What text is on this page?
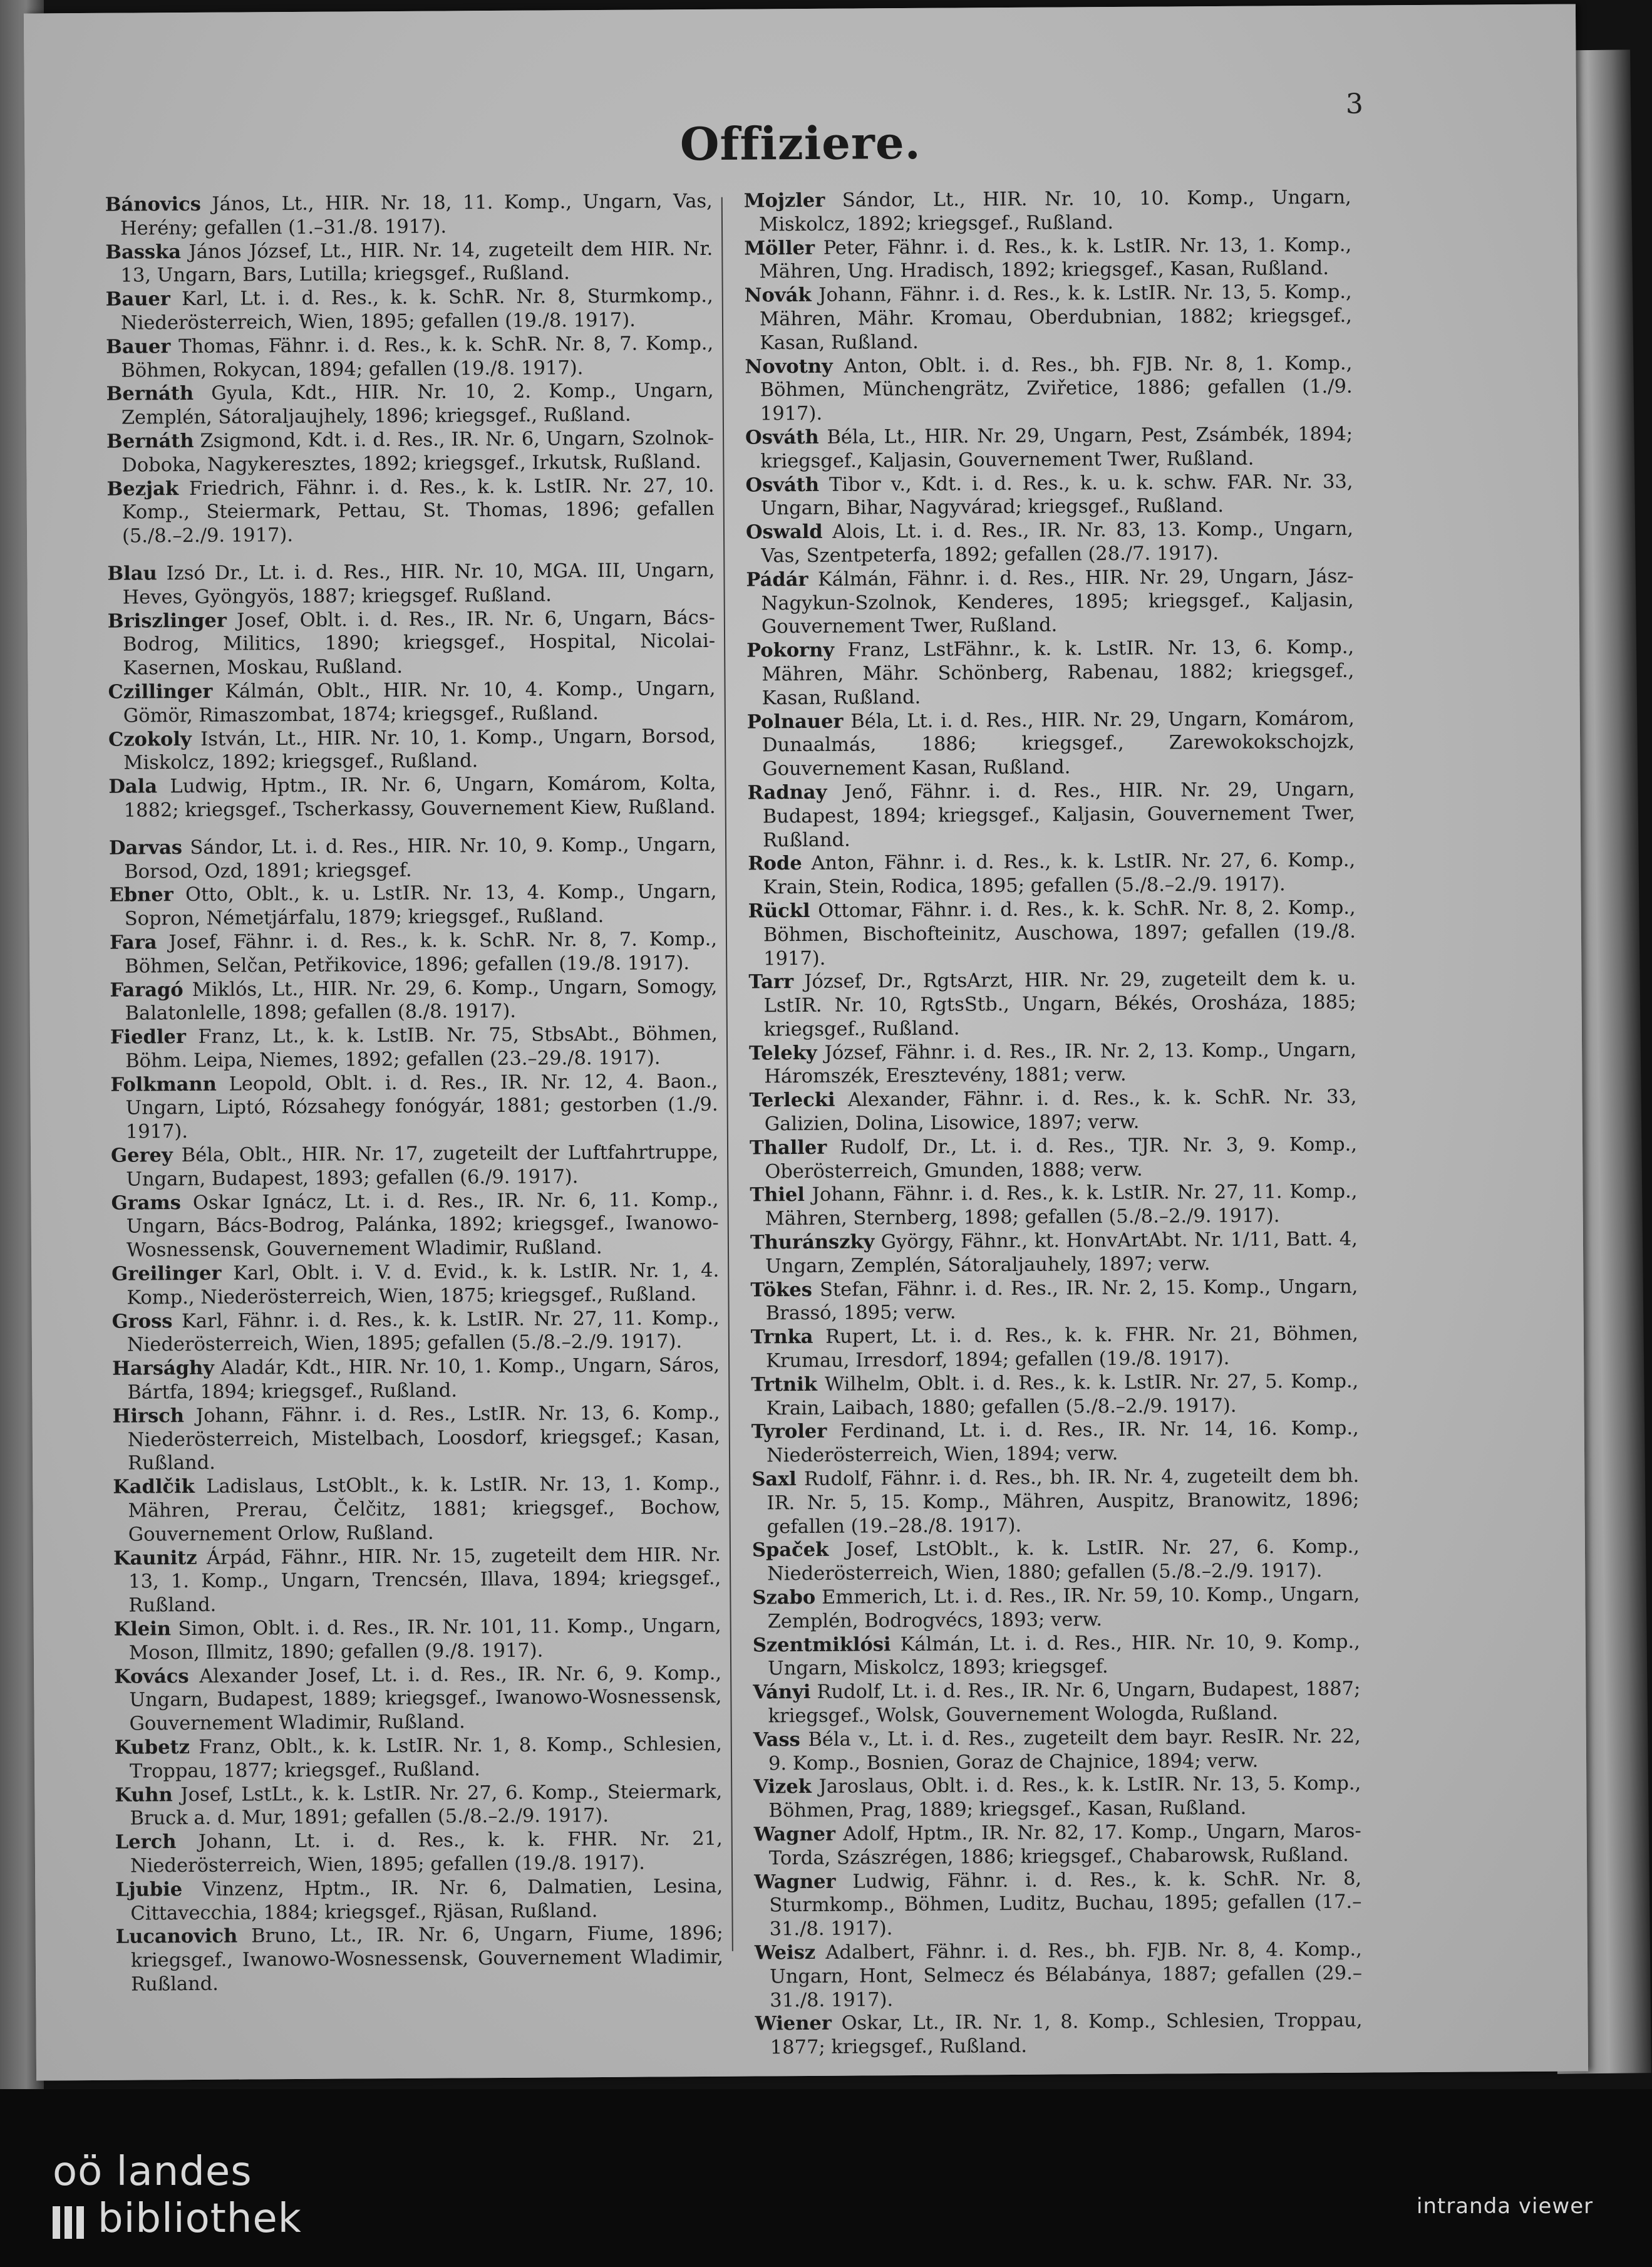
3
Offiziere.

Bánovics János, Lt., HIR. Nr. 18, 11. Komp., Ungarn, Vas, Herény; gefallen (1.–31./8. 1917).

Basska János József, Lt., HIR. Nr. 14, zugeteilt dem HIR. Nr. 13, Ungarn, Bars, Lutilla; kriegsgef., Rußland.

Bauer Karl, Lt. i. d. Res., k. k. SchR. Nr. 8, Sturmkomp., Niederösterreich, Wien, 1895; gefallen (19./8. 1917).

Bauer Thomas, Fähnr. i. d. Res., k. k. SchR. Nr. 8, 7. Komp., Böhmen, Rokycan, 1894; gefallen (19./8. 1917).

Bernáth Gyula, Kdt., HIR. Nr. 10, 2. Komp., Ungarn, Zemplén, Sátoraljaujhely, 1896; kriegsgef., Rußland.

Bernáth Zsigmond, Kdt. i. d. Res., IR. Nr. 6, Ungarn, Szolnok-Doboka, Nagykeresztes, 1892; kriegsgef., Irkutsk, Rußland.

Bezjak Friedrich, Fähnr. i. d. Res., k. k. LstIR. Nr. 27, 10. Komp., Steiermark, Pettau, St. Thomas, 1896; gefallen (5./8.–2./9. 1917).

Blau Izsó Dr., Lt. i. d. Res., HIR. Nr. 10, MGA. III, Ungarn, Heves, Gyöngyös, 1887; kriegsgef. Rußland.

Briszlinger Josef, Oblt. i. d. Res., IR. Nr. 6, Ungarn, Bács-Bodrog, Militics, 1890; kriegsgef., Hospital, Nicolai-Kasernen, Moskau, Rußland.

Czillinger Kálmán, Oblt., HIR. Nr. 10, 4. Komp., Ungarn, Gömör, Rimaszombat, 1874; kriegsgef., Rußland.

Czokoly István, Lt., HIR. Nr. 10, 1. Komp., Ungarn, Borsod, Miskolcz, 1892; kriegsgef., Rußland.

Dala Ludwig, Hptm., IR. Nr. 6, Ungarn, Komárom, Kolta, 1882; kriegsgef., Tscherkassy, Gouvernement Kiew, Rußland.

Darvas Sándor, Lt. i. d. Res., HIR. Nr. 10, 9. Komp., Ungarn, Borsod, Ozd, 1891; kriegsgef.

Ebner Otto, Oblt., k. u. LstIR. Nr. 13, 4. Komp., Ungarn, Sopron, Németjárfalu, 1879; kriegsgef., Rußland.

Fara Josef, Fähnr. i. d. Res., k. k. SchR. Nr. 8, 7. Komp., Böhmen, Selčan, Petřikovice, 1896; gefallen (19./8. 1917).

Faragó Miklós, Lt., HIR. Nr. 29, 6. Komp., Ungarn, Somogy, Balatonlelle, 1898; gefallen (8./8. 1917).

Fiedler Franz, Lt., k. k. LstIB. Nr. 75, StbsAbt., Böhmen, Böhm. Leipa, Niemes, 1892; gefallen (23.–29./8. 1917).

Folkmann Leopold, Oblt. i. d. Res., IR. Nr. 12, 4. Baon., Ungarn, Liptó, Rózsahegy fonógyár, 1881; gestorben (1./9. 1917).

Gerey Béla, Oblt., HIR. Nr. 17, zugeteilt der Luftfahrtruppe, Ungarn, Budapest, 1893; gefallen (6./9. 1917).

Grams Oskar Ignácz, Lt. i. d. Res., IR. Nr. 6, 11. Komp., Ungarn, Bács-Bodrog, Palánka, 1892; kriegsgef., Iwanowo-Wosnessensk, Gouvernement Wladimir, Rußland.

Greilinger Karl, Oblt. i. V. d. Evid., k. k. LstIR. Nr. 1, 4. Komp., Niederösterreich, Wien, 1875; kriegsgef., Rußland.

Gross Karl, Fähnr. i. d. Res., k. k. LstIR. Nr. 27, 11. Komp., Niederösterreich, Wien, 1895; gefallen (5./8.–2./9. 1917).

Harsághy Aladár, Kdt., HIR. Nr. 10, 1. Komp., Ungarn, Sáros, Bártfa, 1894; kriegsgef., Rußland.

Hirsch Johann, Fähnr. i. d. Res., LstIR. Nr. 13, 6. Komp., Niederösterreich, Mistelbach, Loosdorf, kriegsgef.; Kasan, Rußland.

Kadlčik Ladislaus, LstOblt., k. k. LstIR. Nr. 13, 1. Komp., Mähren, Prerau, Čelčitz, 1881; kriegsgef., Bochow, Gouvernement Orlow, Rußland.

Kaunitz Árpád, Fähnr., HIR. Nr. 15, zugeteilt dem HIR. Nr. 13, 1. Komp., Ungarn, Trencsén, Illava, 1894; kriegsgef., Rußland.

Klein Simon, Oblt. i. d. Res., IR. Nr. 101, 11. Komp., Ungarn, Moson, Illmitz, 1890; gefallen (9./8. 1917).

Kovács Alexander Josef, Lt. i. d. Res., IR. Nr. 6, 9. Komp., Ungarn, Budapest, 1889; kriegsgef., Iwanowo-Wosnessensk, Gouvernement Wladimir, Rußland.

Kubetz Franz, Oblt., k. k. LstIR. Nr. 1, 8. Komp., Schlesien, Troppau, 1877; kriegsgef., Rußland.

Kuhn Josef, LstLt., k. k. LstIR. Nr. 27, 6. Komp., Steiermark, Bruck a. d. Mur, 1891; gefallen (5./8.–2./9. 1917).

Lerch Johann, Lt. i. d. Res., k. k. FHR. Nr. 21, Niederösterreich, Wien, 1895; gefallen (19./8. 1917).

Ljubie Vinzenz, Hptm., IR. Nr. 6, Dalmatien, Lesina, Cittavecchia, 1884; kriegsgef., Rjäsan, Rußland.

Lucanovich Bruno, Lt., IR. Nr. 6, Ungarn, Fiume, 1896; kriegsgef., Iwanowo-Wosnessensk, Gouvernement Wladimir, Rußland.

Mojzler Sándor, Lt., HIR. Nr. 10, 10. Komp., Ungarn, Miskolcz, 1892; kriegsgef., Rußland.

Möller Peter, Fähnr. i. d. Res., k. k. LstIR. Nr. 13, 1. Komp., Mähren, Ung. Hradisch, 1892; kriegsgef., Kasan, Rußland.

Novák Johann, Fähnr. i. d. Res., k. k. LstIR. Nr. 13, 5. Komp., Mähren, Mähr. Kromau, Oberdubnian, 1882; kriegsgef., Kasan, Rußland.

Novotny Anton, Oblt. i. d. Res., bh. FJB. Nr. 8, 1. Komp., Böhmen, Münchengrätz, Zviřetice, 1886; gefallen (1./9. 1917).

Osváth Béla, Lt., HIR. Nr. 29, Ungarn, Pest, Zsámbék, 1894; kriegsgef., Kaljasin, Gouvernement Twer, Rußland.

Osváth Tibor v., Kdt. i. d. Res., k. u. k. schw. FAR. Nr. 33, Ungarn, Bihar, Nagyvárad; kriegsgef., Rußland.

Oswald Alois, Lt. i. d. Res., IR. Nr. 83, 13. Komp., Ungarn, Vas, Szentpeterfa, 1892; gefallen (28./7. 1917).

Pádár Kálmán, Fähnr. i. d. Res., HIR. Nr. 29, Ungarn, Jász-Nagykun-Szolnok, Kenderes, 1895; kriegsgef., Kaljasin, Gouvernement Twer, Rußland.

Pokorny Franz, LstFähnr., k. k. LstIR. Nr. 13, 6. Komp., Mähren, Mähr. Schönberg, Rabenau, 1882; kriegsgef., Kasan, Rußland.

Polnauer Béla, Lt. i. d. Res., HIR. Nr. 29, Ungarn, Komárom, Dunaalmás, 1886; kriegsgef., Zarewokokschojzk, Gouvernement Kasan, Rußland.

Radnay Jenő, Fähnr. i. d. Res., HIR. Nr. 29, Ungarn, Budapest, 1894; kriegsgef., Kaljasin, Gouvernement Twer, Rußland.

Rode Anton, Fähnr. i. d. Res., k. k. LstIR. Nr. 27, 6. Komp., Krain, Stein, Rodica, 1895; gefallen (5./8.–2./9. 1917).

Rückl Ottomar, Fähnr. i. d. Res., k. k. SchR. Nr. 8, 2. Komp., Böhmen, Bischofteinitz, Auschowa, 1897; gefallen (19./8. 1917).

Tarr József, Dr., RgtsArzt, HIR. Nr. 29, zugeteilt dem k. u. LstIR. Nr. 10, RgtsStb., Ungarn, Békés, Orosháza, 1885; kriegsgef., Rußland.

Teleky József, Fähnr. i. d. Res., IR. Nr. 2, 13. Komp., Ungarn, Háromszék, Eresztevény, 1881; verw.

Terlecki Alexander, Fähnr. i. d. Res., k. k. SchR. Nr. 33, Galizien, Dolina, Lisowice, 1897; verw.

Thaller Rudolf, Dr., Lt. i. d. Res., TJR. Nr. 3, 9. Komp., Oberösterreich, Gmunden, 1888; verw.

Thiel Johann, Fähnr. i. d. Res., k. k. LstIR. Nr. 27, 11. Komp., Mähren, Sternberg, 1898; gefallen (5./8.–2./9. 1917).

Thuránszky György, Fähnr., kt. HonvArtAbt. Nr. 1/11, Batt. 4, Ungarn, Zemplén, Sátoraljauhely, 1897; verw.

Tökes Stefan, Fähnr. i. d. Res., IR. Nr. 2, 15. Komp., Ungarn, Brassó, 1895; verw.

Trnka Rupert, Lt. i. d. Res., k. k. FHR. Nr. 21, Böhmen, Krumau, Irresdorf, 1894; gefallen (19./8. 1917).

Trtnik Wilhelm, Oblt. i. d. Res., k. k. LstIR. Nr. 27, 5. Komp., Krain, Laibach, 1880; gefallen (5./8.–2./9. 1917).

Tyroler Ferdinand, Lt. i. d. Res., IR. Nr. 14, 16. Komp., Niederösterreich, Wien, 1894; verw.

Saxl Rudolf, Fähnr. i. d. Res., bh. IR. Nr. 4, zugeteilt dem bh. IR. Nr. 5, 15. Komp., Mähren, Auspitz, Branowitz, 1896; gefallen (19.–28./8. 1917).

Spaček Josef, LstOblt., k. k. LstIR. Nr. 27, 6. Komp., Niederösterreich, Wien, 1880; gefallen (5./8.–2./9. 1917).

Szabo Emmerich, Lt. i. d. Res., IR. Nr. 59, 10. Komp., Ungarn, Zemplén, Bodrogvécs, 1893; verw.

Szentmiklósi Kálmán, Lt. i. d. Res., HIR. Nr. 10, 9. Komp., Ungarn, Miskolcz, 1893; kriegsgef.

Ványi Rudolf, Lt. i. d. Res., IR. Nr. 6, Ungarn, Budapest, 1887; kriegsgef., Wolsk, Gouvernement Wologda, Rußland.

Vass Béla v., Lt. i. d. Res., zugeteilt dem bayr. ResIR. Nr. 22, 9. Komp., Bosnien, Goraz de Chajnice, 1894; verw.

Vizek Jaroslaus, Oblt. i. d. Res., k. k. LstIR. Nr. 13, 5. Komp., Böhmen, Prag, 1889; kriegsgef., Kasan, Rußland.

Wagner Adolf, Hptm., IR. Nr. 82, 17. Komp., Ungarn, Maros-Torda, Szászrégen, 1886; kriegsgef., Chabarowsk, Rußland.

Wagner Ludwig, Fähnr. i. d. Res., k. k. SchR. Nr. 8, Sturmkomp., Böhmen, Luditz, Buchau, 1895; gefallen (17.–31./8. 1917).

Weisz Adalbert, Fähnr. i. d. Res., bh. FJB. Nr. 8, 4. Komp., Ungarn, Hont, Selmecz és Bélabánya, 1887; gefallen (29.–31./8. 1917).

Wiener Oskar, Lt., IR. Nr. 1, 8. Komp., Schlesien, Troppau, 1877; kriegsgef., Rußland.

oö landes
bibliothek	intranda viewer
